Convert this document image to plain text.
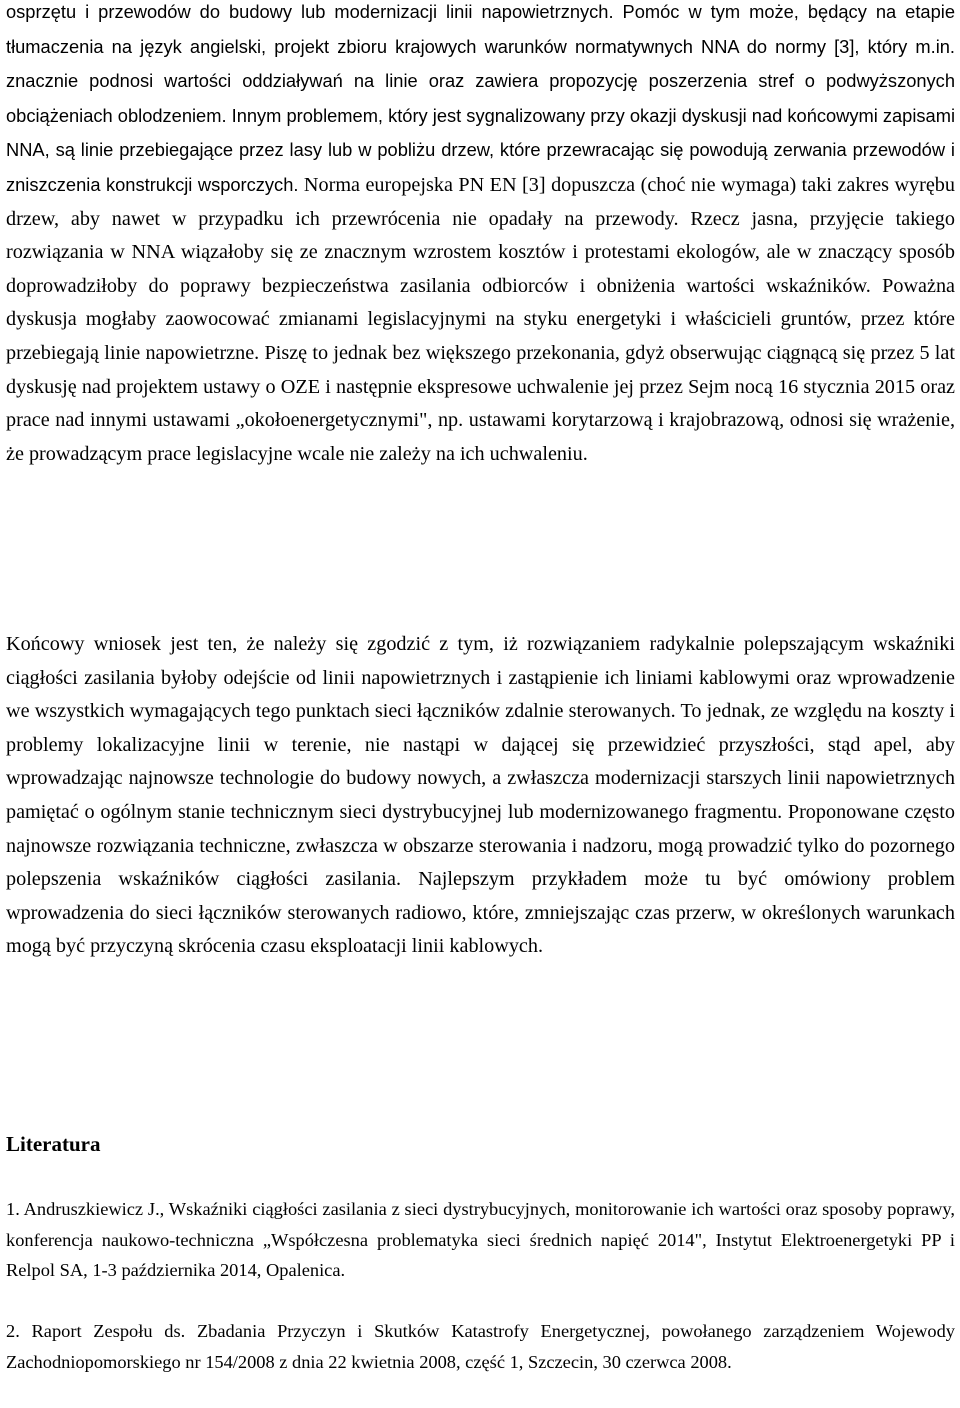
osprzętu i przewodów do budowy lub modernizacji linii napowietrznych. Pomóc w tym może, będący na etapie tłumaczenia na język angielski, projekt zbioru krajowych warunków normatywnych NNA do normy [3], który m.in. znacznie podnosi wartości oddziaływań na linie oraz zawiera propozycję poszerzenia stref o podwyższonych obciążeniach oblodzeniem. Innym problemem, który jest sygnalizowany przy okazji dyskusji nad końcowymi zapisami NNA, są linie przebiegające przez lasy lub w pobliżu drzew, które przewracając się powodują zerwania przewodów i zniszczenia konstrukcji wsporczych. Norma europejska PN EN [3] dopuszcza (choć nie wymaga) taki zakres wyrębu drzew, aby nawet w przypadku ich przewrócenia nie opadały na przewody. Rzecz jasna, przyjęcie takiego rozwiązania w NNA wiązałoby się ze znacznym wzrostem kosztów i protestami ekologów, ale w znaczący sposób doprowadziłoby do poprawy bezpieczeństwa zasilania odbiorców i obniżenia wartości wskaźników. Poważna dyskusja mogłaby zaowocować zmianami legislacyjnymi na styku energetyki i właścicieli gruntów, przez które przebiegają linie napowietrzne. Piszę to jednak bez większego przekonania, gdyż obserwując ciągnącą się przez 5 lat dyskusję nad projektem ustawy o OZE i następnie ekspresowe uchwalenie jej przez Sejm nocą 16 stycznia 2015 oraz prace nad innymi ustawami „okołoenergetycznymi", np. ustawami korytarzową i krajobrazową, odnosi się wrażenie, że prowadzącym prace legislacyjne wcale nie zależy na ich uchwaleniu.

Końcowy wniosek jest ten, że należy się zgodzić z tym, iż rozwiązaniem radykalnie polepszającym wskaźniki ciągłości zasilania byłoby odejście od linii napowietrznych i zastąpienie ich liniami kablowymi oraz wprowadzenie we wszystkich wymagających tego punktach sieci łączników zdalnie sterowanych. To jednak, ze względu na koszty i problemy lokalizacyjne linii w terenie, nie nastąpi w dającej się przewidzieć przyszłości, stąd apel, aby wprowadzając najnowsze technologie do budowy nowych, a zwłaszcza modernizacji starszych linii napowietrznych pamiętać o ogólnym stanie technicznym sieci dystrybucyjnej lub modernizowanego fragmentu. Proponowane często najnowsze rozwiązania techniczne, zwłaszcza w obszarze sterowania i nadzoru, mogą prowadzić tylko do pozornego polepszenia wskaźników ciągłości zasilania. Najlepszym przykładem może tu być omówiony problem wprowadzenia do sieci łączników sterowanych radiowo, które, zmniejszając czas przerw, w określonych warunkach mogą być przyczyną skrócenia czasu eksploatacji linii kablowych.

Literatura

1. Andruszkiewicz J., Wskaźniki ciągłości zasilania z sieci dystrybucyjnych, monitorowanie ich wartości oraz sposoby poprawy, konferencja naukowo-techniczna „Współczesna problematyka sieci średnich napięć 2014", Instytut Elektroenergetyki PP i Relpol SA, 1-3 października 2014, Opalenica.

2. Raport Zespołu ds. Zbadania Przyczyn i Skutków Katastrofy Energetycznej, powołanego zarządzeniem Wojewody Zachodniopomorskiego nr 154/2008 z dnia 22 kwietnia 2008, część 1, Szczecin, 30 czerwca 2008.
